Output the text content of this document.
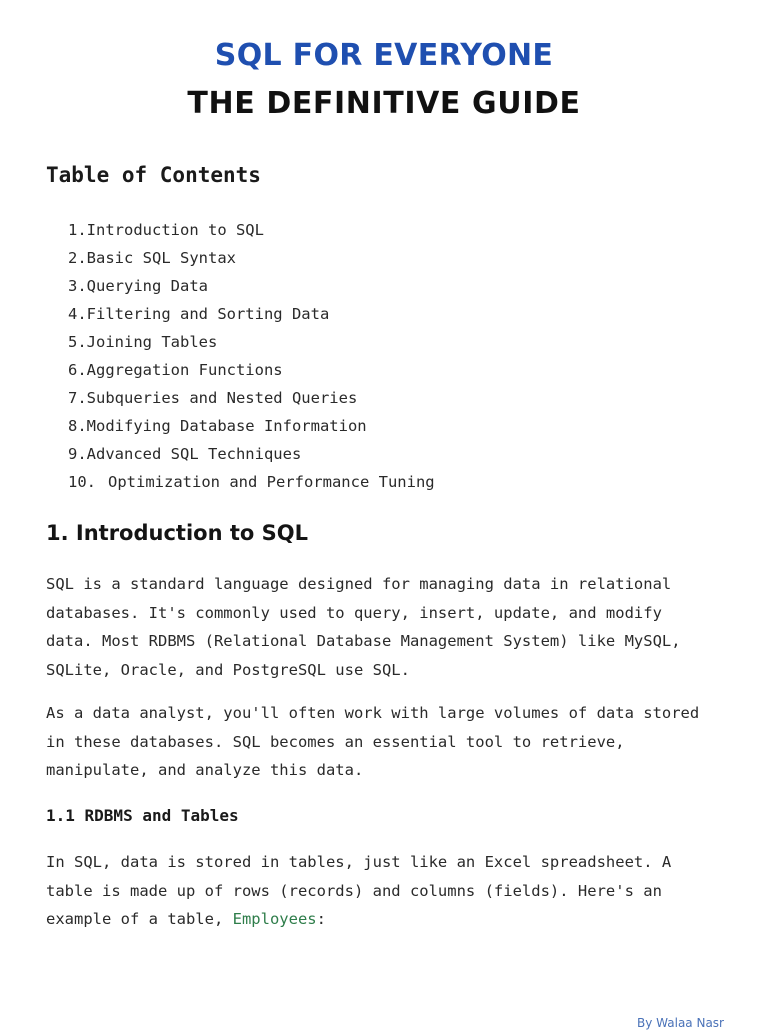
SQL FOR EVERYONE
THE DEFINITIVE GUIDE
Table of Contents
1.Introduction to SQL
2.Basic SQL Syntax
3.Querying Data
4.Filtering and Sorting Data
5.Joining Tables
6.Aggregation Functions
7.Subqueries and Nested Queries
8.Modifying Database Information
9.Advanced SQL Techniques
10. Optimization and Performance Tuning
1. Introduction to SQL

SQL is a standard language designed for managing data in relational
databases. It's commonly used to query, insert, update, and modify
data. Most RDBMS (Relational Database Management System) like MySQL,
SQLite, Oracle, and PostgreSQL use SQL.

As a data analyst, you'll often work with large volumes of data stored
in these databases. SQL becomes an essential tool to retrieve,
manipulate, and analyze this data.

1.1 RDBMS and Tables

In SQL, data is stored in tables, just like an Excel spreadsheet. A
table is made up of rows (records) and columns (fields). Here's an
example of a table, Employees:

By Walaa Nasr
